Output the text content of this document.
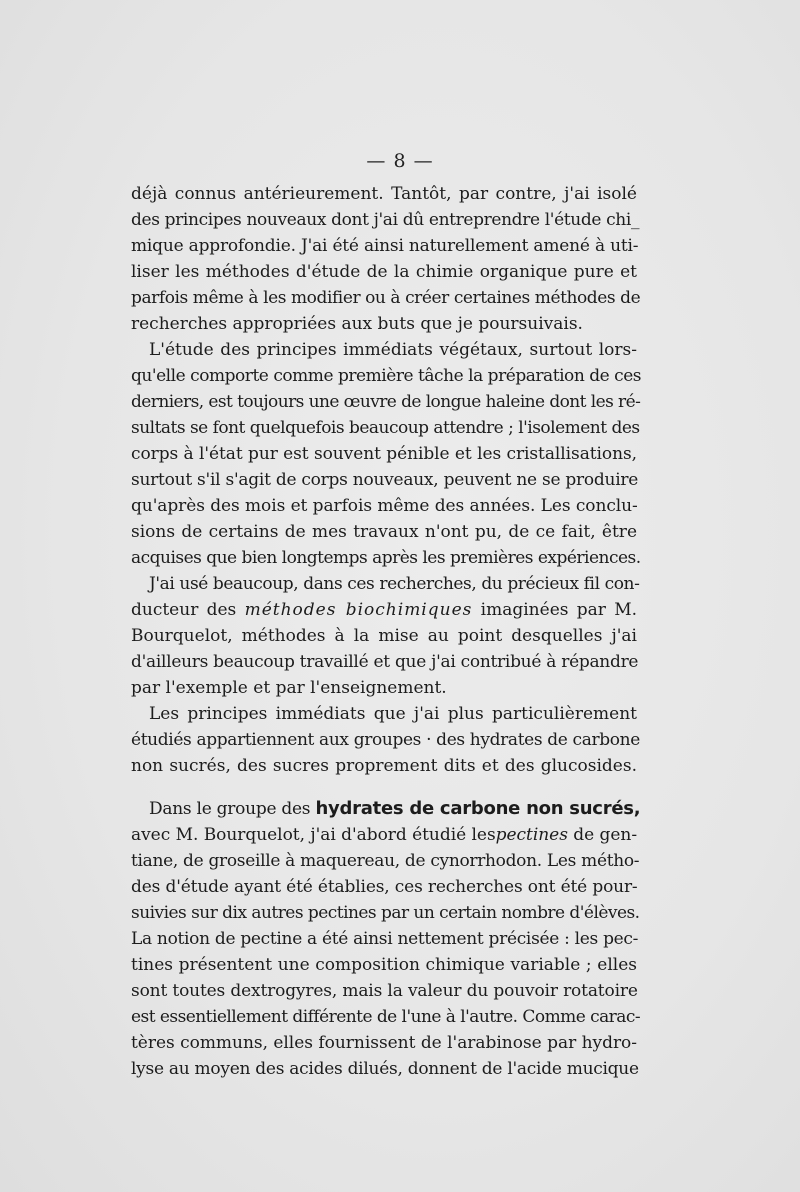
— 8 —

déjà connus antérieurement. Tantôt, par contre, j'ai isolé
des principes nouveaux dont j'ai dû entreprendre l'étude chi_
mique approfondie. J'ai été ainsi naturellement amené à uti-
liser les méthodes d'étude de la chimie organique pure et
parfois même à les modifier ou à créer certaines méthodes de
recherches appropriées aux buts que je poursuivais.

L'étude des principes immédiats végétaux, surtout lors-
qu'elle comporte comme première tâche la préparation de ces
derniers, est toujours une œuvre de longue haleine dont les ré-
sultats se font quelquefois beaucoup attendre ; l'isolement des
corps à l'état pur est souvent pénible et les cristallisations,
surtout s'il s'agit de corps nouveaux, peuvent ne se produire
qu'après des mois et parfois même des années. Les conclu-
sions de certains de mes travaux n'ont pu, de ce fait, être
acquises que bien longtemps après les premières expériences.

J'ai usé beaucoup, dans ces recherches, du précieux fil con-
ducteur des méthodes biochimiques imaginées par M.
Bourquelot, méthodes à la mise au point desquelles j'ai
d'ailleurs beaucoup travaillé et que j'ai contribué à répandre
par l'exemple et par l'enseignement.

Les principes immédiats que j'ai plus particulièrement
étudiés appartiennent aux groupes · des hydrates de carbone
non sucrés, des sucres proprement dits et des glucosides.

Dans le groupe des hydrates de carbone non sucrés,
avec M. Bourquelot, j'ai d'abord étudié lespectines de gen-
tiane, de groseille à maquereau, de cynorrhodon. Les métho-
des d'étude ayant été établies, ces recherches ont été pour-
suivies sur dix autres pectines par un certain nombre d'élèves.
La notion de pectine a été ainsi nettement précisée : les pec-
tines présentent une composition chimique variable ; elles
sont toutes dextrogyres, mais la valeur du pouvoir rotatoire
est essentiellement différente de l'une à l'autre. Comme carac-
tères communs, elles fournissent de l'arabinose par hydro-
lyse au moyen des acides dilués, donnent de l'acide mucique
